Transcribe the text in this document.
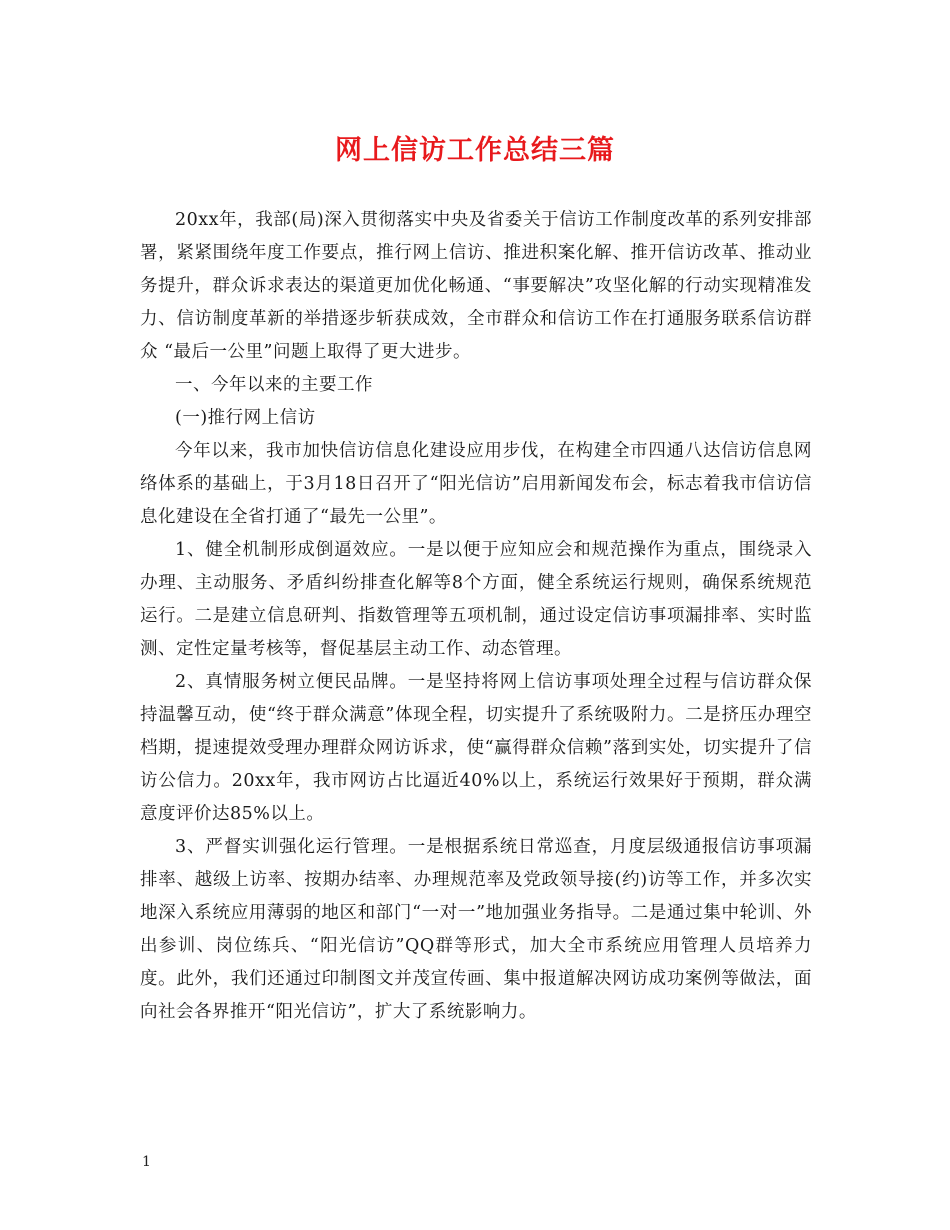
网上信访工作总结三篇

20xx年，我部(局)深入贯彻落实中央及省委关于信访工作制度改革的系列安排部署，紧紧围绕年度工作要点，推行网上信访、推进积案化解、推开信访改革、推动业务提升，群众诉求表达的渠道更加优化畅通、“事要解决”攻坚化解的行动实现精准发力、信访制度革新的举措逐步斩获成效，全市群众和信访工作在打通服务联系信访群众 “最后一公里”问题上取得了更大进步。

一、今年以来的主要工作

(一)推行网上信访

今年以来，我市加快信访信息化建设应用步伐，在构建全市四通八达信访信息网络体系的基础上，于3月18日召开了“阳光信访”启用新闻发布会，标志着我市信访信息化建设在全省打通了“最先一公里”。

1、健全机制形成倒逼效应。一是以便于应知应会和规范操作为重点，围绕录入办理、主动服务、矛盾纠纷排查化解等8个方面，健全系统运行规则，确保系统规范运行。二是建立信息研判、指数管理等五项机制，通过设定信访事项漏排率、实时监测、定性定量考核等，督促基层主动工作、动态管理。

2、真情服务树立便民品牌。一是坚持将网上信访事项处理全过程与信访群众保持温馨互动，使“终于群众满意”体现全程，切实提升了系统吸附力。二是挤压办理空档期，提速提效受理办理群众网访诉求，使“赢得群众信赖”落到实处，切实提升了信访公信力。20xx年，我市网访占比逼近40%以上，系统运行效果好于预期，群众满意度评价达85%以上。

3、严督实训强化运行管理。一是根据系统日常巡查，月度层级通报信访事项漏排率、越级上访率、按期办结率、办理规范率及党政领导接(约)访等工作，并多次实地深入系统应用薄弱的地区和部门“一对一”地加强业务指导。二是通过集中轮训、外出参训、岗位练兵、“阳光信访”QQ群等形式，加大全市系统应用管理人员培养力度。此外，我们还通过印制图文并茂宣传画、集中报道解决网访成功案例等做法，面向社会各界推开“阳光信访”，扩大了系统影响力。

1
